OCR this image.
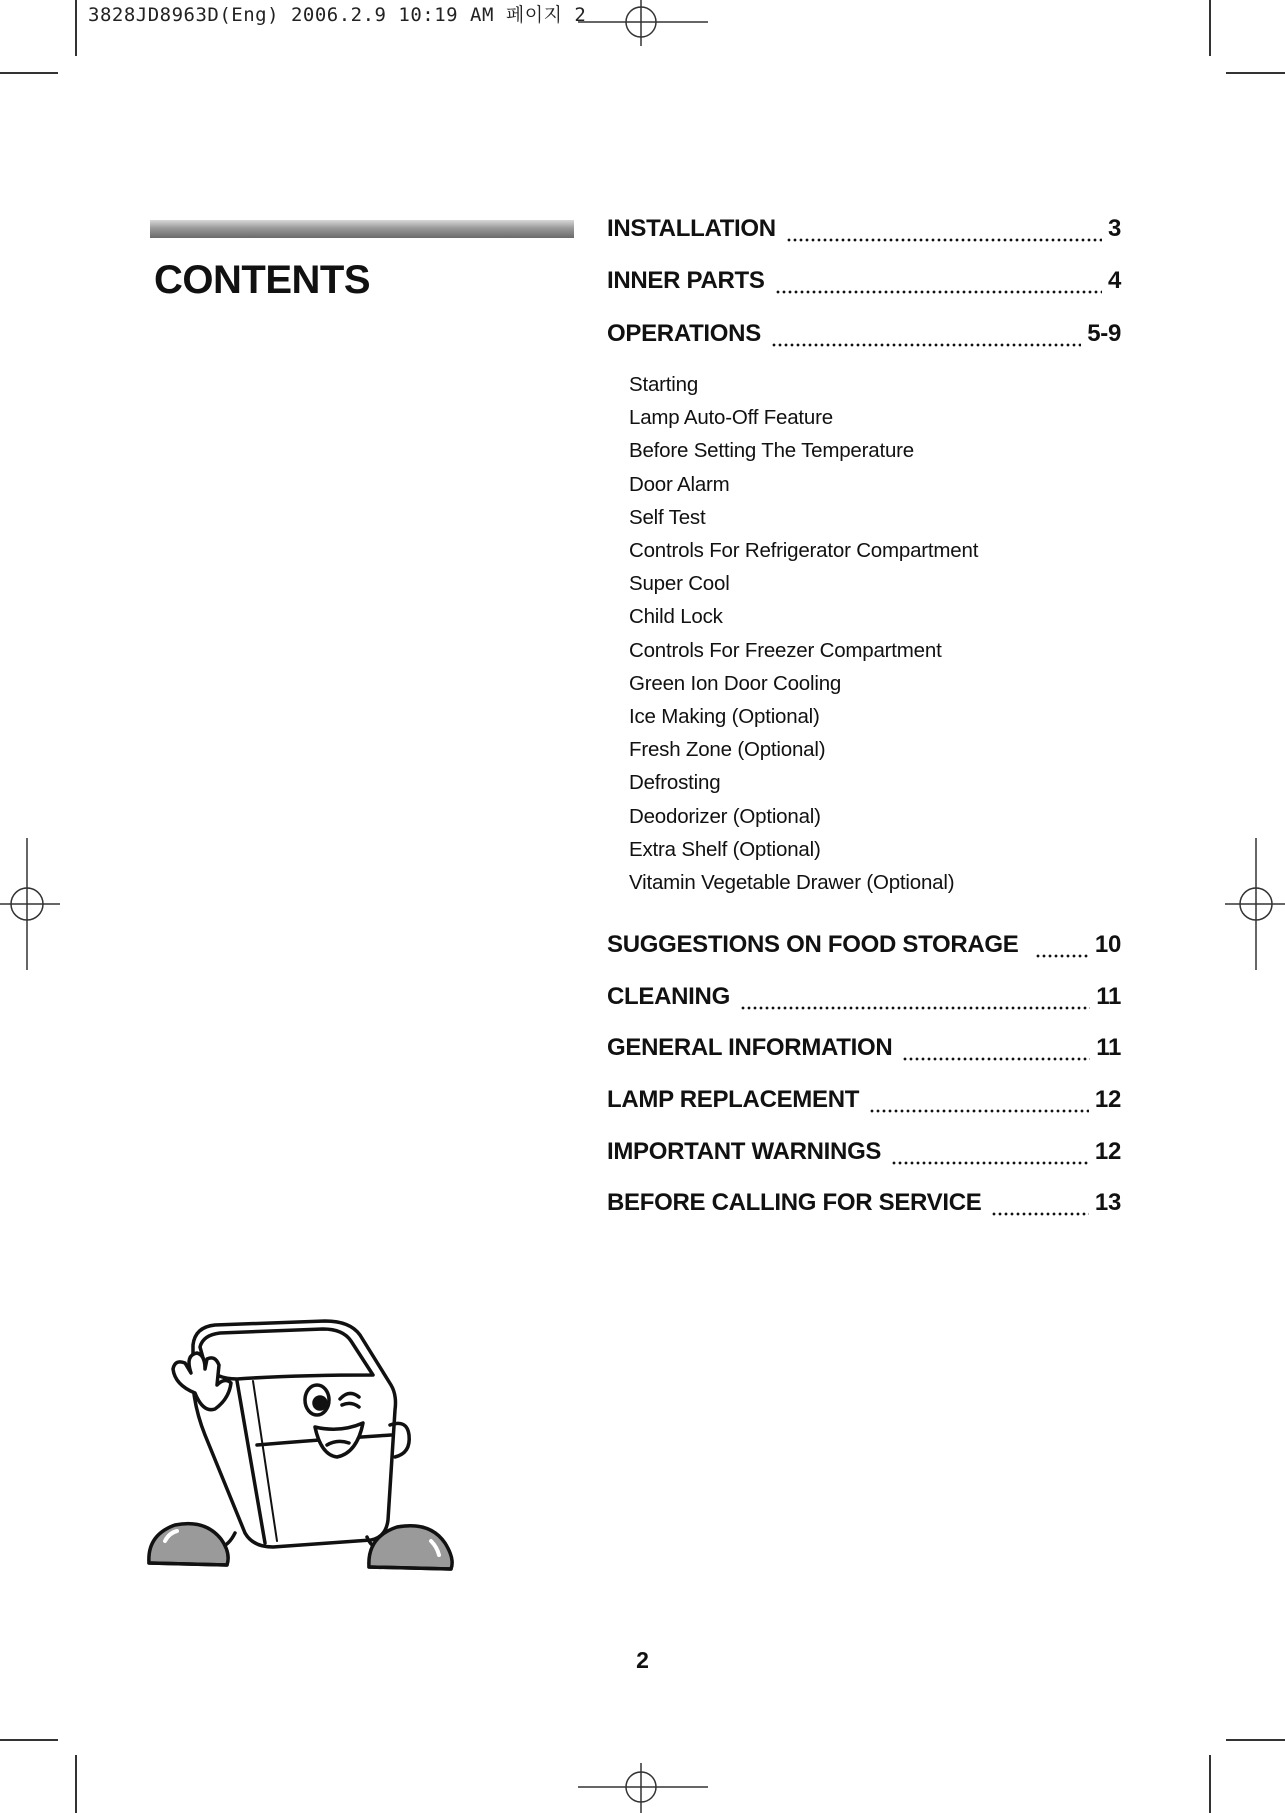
3828JD8963D(Eng) 2006.2.9 10:19 AM 페이지 2
CONTENTS
INSTALLATION	3
INNER PARTS	4
OPERATIONS	5-9
SUGGESTIONS ON FOOD STORAGE	10
CLEANING	11
GENERAL INFORMATION	11
LAMP REPLACEMENT	12
IMPORTANT WARNINGS	12
BEFORE CALLING FOR SERVICE	13
Starting
Lamp Auto-Off Feature
Before Setting The Temperature
Door Alarm
Self Test
Controls For Refrigerator Compartment
Super Cool
Child Lock
Controls For Freezer Compartment
Green Ion Door Cooling
Ice Making (Optional)
Fresh Zone (Optional)
Defrosting
Deodorizer (Optional)
Extra Shelf (Optional)
Vitamin Vegetable Drawer (Optional)
2
